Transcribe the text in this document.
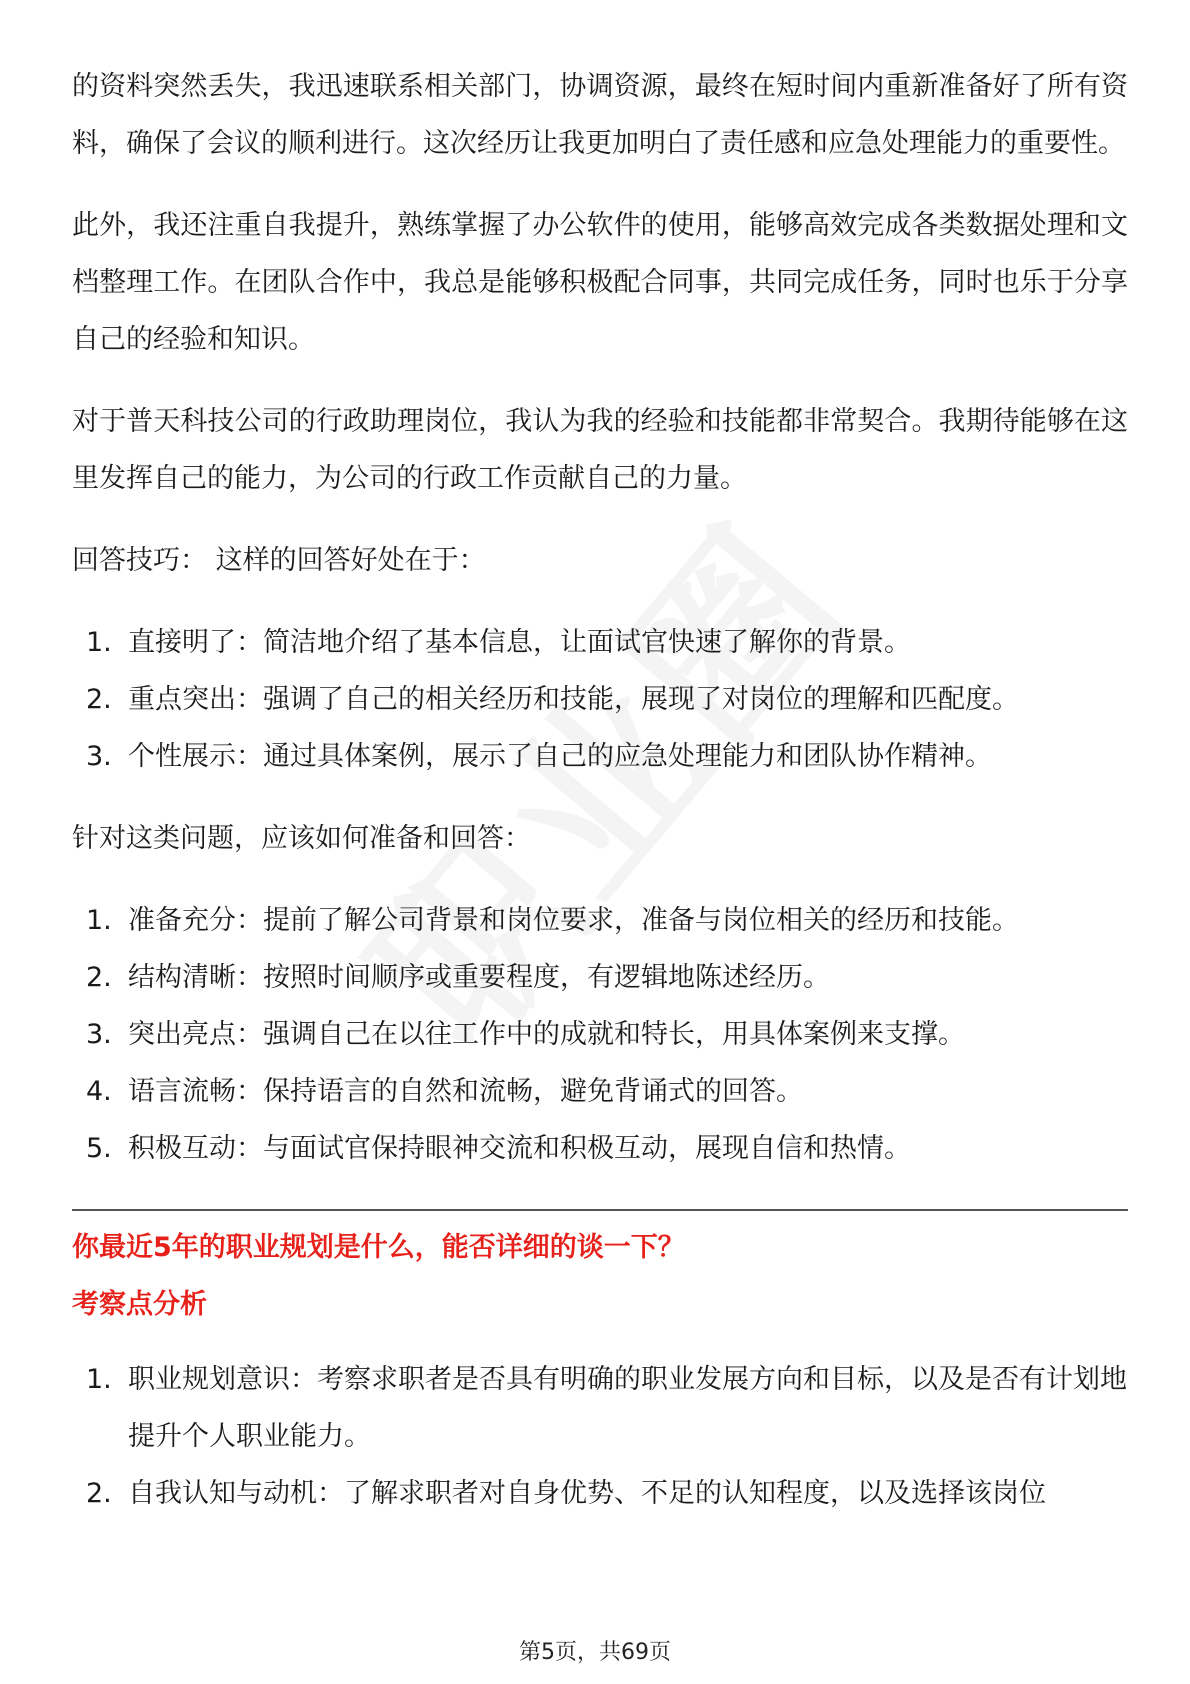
的资料突然丢失，我迅速联系相关部门，协调资源，最终在短时间内重新准备好了所有资料，确保了会议的顺利进行。这次经历让我更加明白了责任感和应急处理能力的重要性。

此外，我还注重自我提升，熟练掌握了办公软件的使用，能够高效完成各类数据处理和文档整理工作。在团队合作中，我总是能够积极配合同事，共同完成任务，同时也乐于分享自己的经验和知识。

对于普天科技公司的行政助理岗位，我认为我的经验和技能都非常契合。我期待能够在这里发挥自己的能力，为公司的行政工作贡献自己的力量。

回答技巧： 这样的回答好处在于：

1. 直接明了：简洁地介绍了基本信息，让面试官快速了解你的背景。
2. 重点突出：强调了自己的相关经历和技能，展现了对岗位的理解和匹配度。
3. 个性展示：通过具体案例，展示了自己的应急处理能力和团队协作精神。

针对这类问题，应该如何准备和回答：

1. 准备充分：提前了解公司背景和岗位要求，准备与岗位相关的经历和技能。
2. 结构清晰：按照时间顺序或重要程度，有逻辑地陈述经历。
3. 突出亮点：强调自己在以往工作中的成就和特长，用具体案例来支撑。
4. 语言流畅：保持语言的自然和流畅，避免背诵式的回答。
5. 积极互动：与面试官保持眼神交流和积极互动，展现自信和热情。

你最近5年的职业规划是什么，能否详细的谈一下？

考察点分析

1. 职业规划意识：考察求职者是否具有明确的职业发展方向和目标，以及是否有计划地提升个人职业能力。
2. 自我认知与动机：了解求职者对自身优势、不足的认知程度，以及选择该岗位
第5页，共69页
